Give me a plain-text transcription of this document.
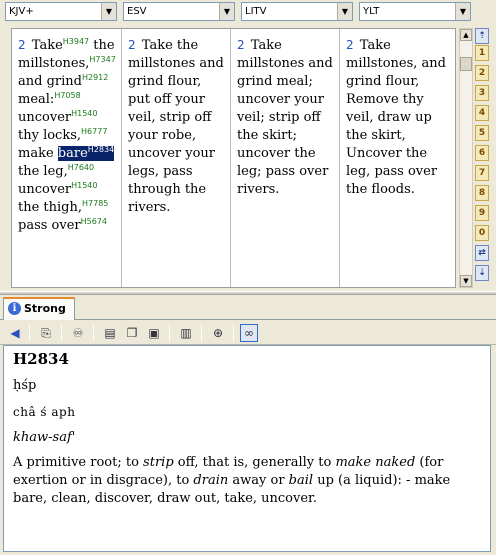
KJV+	▼	ESV	▼	LITV	▼	YLT	▼
2 Take$^{H3947}$ the millstones,$^{H7347}$ and grind$^{H2912}$ meal:$^{H7058}$ uncover$^{H1540}$ thy locks,$^{H6777}$ make bare$^{H2834}$ the leg,$^{H7640}$ uncover$^{H1540}$ the thigh,$^{H7785}$ pass over$^{H5674}$
2 Take the millstones and grind flour, put off your veil, strip off your robe, uncover your legs, pass through the rivers.
2 Take millstones and grind meal; uncover your veil; strip off the skirt; uncover the leg; pass over rivers.
2 Take millstones, and grind flour, Remove thy veil, draw up the skirt, Uncover the leg, pass over the floods.
▲
▼
⇡
1
2
3
4
5
6
7
8
9
0
⇄
⇣
i Strong
◀	⎘	♾	▤ ❐ ▣ ▥	⊕	∞
H2834
ḥśp
châ ś aph
khaw-saf'
A primitive root; to strip off, that is, generally to make naked (for exertion or in disgrace), to drain away or bail up (a liquid): - make bare, clean, discover, draw out, take, uncover.
